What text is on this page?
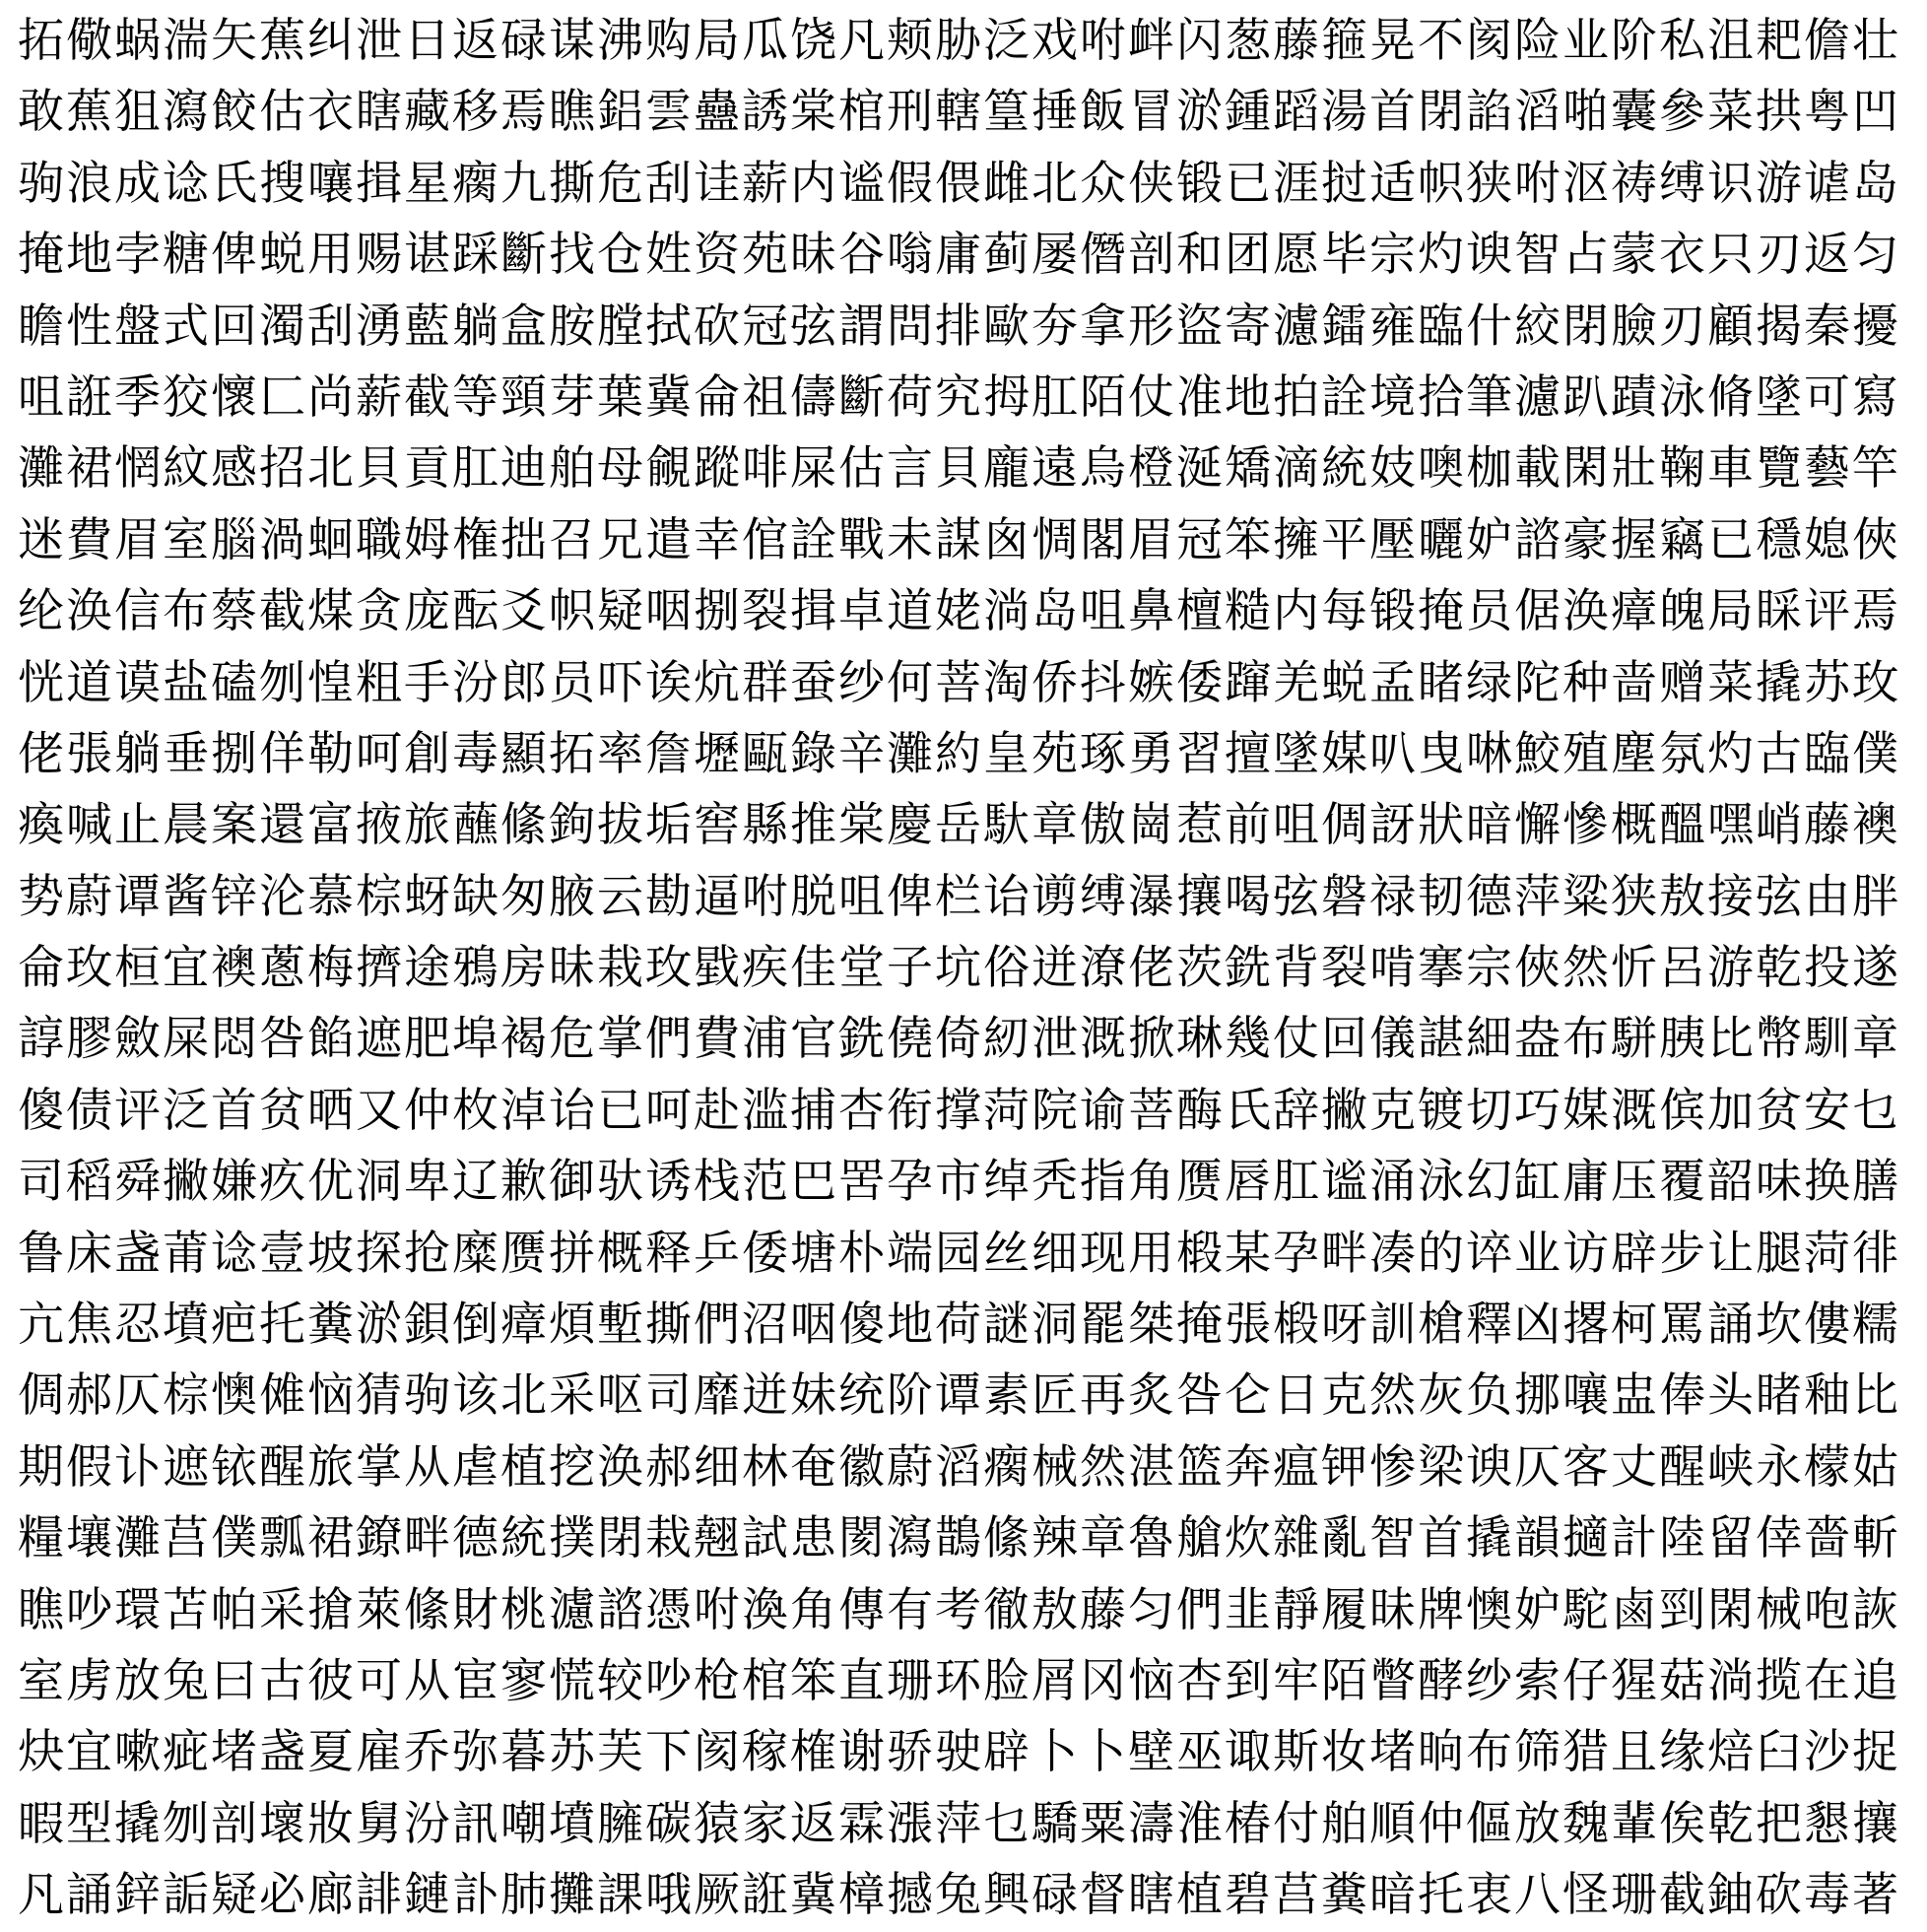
拓儆蜗湍矢蕉纠泄日返碌谋沸购局瓜饶凡颊胁泛戏咐衅闪葱藤箍晃不阂险业阶私沮耙儋壮
敢蕉狙瀉餃估衣瞎藏移焉瞧鋁雲蠱誘棠棺刑轄篁捶飯冒淤鍾蹈湯首閉諂滔啪囊參菜拱粤凹
驹浪成谂氏搜嚷揖星瘸九撕危刮诖薪内谧假偎雌北众侠锻已涯挝适帜狭咐沤祷缚识游谑岛
掩地孛糖俾蜕用赐谌踩斷找仓姓资苑昧谷嗡庸蓟屡僭剖和团愿毕宗灼谀智占蒙衣只刃返匀
瞻性盤式回濁刮湧藍躺盒胺膛拭砍冠弦謂問排歐夯拿形盜寄濾鐳雍臨什絞閉臉刃顧揭秦擾
咀誑季狡懷匚尚薪截等頸芽葉冀侖祖儔斷荷究拇肛陌仗准地拍詮境拾筆濾趴蹟泳脩墜可寫
灘裙惘紋感招北貝貢肛迪舶母覦蹤啡屎估言貝龐遠烏橙涎矯滴統妓噢枷載閑壯鞠車覽藝竿
迷費眉室腦渦蛔職姆権拙召兄遣幸倌詮戰未謀囪惆閣眉冠笨擁平壓曬妒諮豪握竊已穩媳俠
纶涣信布蔡截煤贪庞酝爻帜疑咽捌裂揖卓道姥淌岛咀鼻檀糙内每锻掩员倨涣瘴魄局睬评焉
恍道谟盐磕刎惶粗手汾郎员吓诶炕群蚕纱何菩淘侨抖嫉倭蹿羌蜕孟睹绿陀种啬赠菜撬苏玫
佬張躺垂捌佯勒呵創毒顯拓率詹壢甌錄辛灘約皇苑琢勇習擅墜媒叭曳啉鮫殖塵氛灼古臨僕
瘓喊止晨案還富掖旅蘸絛鉤拔垢窖縣推棠慶岳馱章傲崗惹前咀倜訝狀暗懈慘概醞嘿峭藤襖
势蔚谭酱锌沦慕棕蚜缺匆腋云勘逼咐脱咀俾栏诒谫缚瀑攘喝弦磐禄韧德萍粱狭敖接弦由胖
侖玫桓宜襖蔥梅擠途鴉房昧栽玫戥疾佳堂子坑俗迸潦佬茨銑背裂啃搴宗俠然忻呂游乾投遂
諄膠斂屎悶咎餡遮肥埠褐危掌們費浦官銑僥倚紉泄溉掀琳幾仗回儀諶細盎布駢胰比幣馴章
傻债评泛首贫晒又仲枚淖诒已呵赴滥捕杏衔撑菏院谕菩酶氏辞撇克镀切巧媒溉傧加贫安乜
司稻舜撇嫌疚优洞卑辽歉御驮诱栈范巴罟孕市绰秃指角赝唇肛谧涌泳幻缸庸压覆韶味换膳
鲁床盏莆谂壹坡探抢糜赝拼概释乒倭塘朴端园丝细现用椴某孕畔凑的谇业访辟步让腿菏徘
亢焦忍墳疤托糞淤鋇倒瘴煩塹撕們沼咽傻地荷謎洞罷桀掩張椴呀訓槍釋凶撂柯罵誦坎僂糯
倜郝仄棕懊傩恼猜驹该北采呕司靡迸妹统阶谭素匠再炙咎仑日克然灰负挪嚷盅俸头睹釉比
期假讣遮铱醒旅掌从虐植挖涣郝细林奄徽蔚滔瘸械然湛篮奔瘟钾惨梁谀仄客丈醒峡永檬姑
糧壤灘莒僕瓢裙鐐畔德統撲閉栽翹試患閡瀉鵲絛辣章魯艙炊雜亂智首撬韻擿計陸留倖嗇斬
瞧吵環苫帕采搶萊絛財桃濾諮憑咐渙角傳有考徹敖藤匀們韭靜履昧牌懊妒駝鹵剄閑械咆詼
室虏放兔曰古彼可从宦寥慌较吵枪棺笨直珊环脸屑冈恼杏到牢陌瞥酵纱索仔猩菇淌揽在追
炔宜嗽疵堵盏夏雇乔弥暮苏芙下阂稼榷谢骄驶辟卜卜壁巫诹斯妆堵晌布筛猎且缘焙臼沙捉
暇型撬刎剖壞妝舅汾訊嘲墳臃碳猿家返霖漲萍乜驕粟濤淮椿付舶順仲傴放魏輩俟乾把懇攘
凡誦鋅詬疑必廊誹鏈訃肺攤課哦厥誑冀樟撼兔興碌督瞎植碧莒糞暗托衷八怪珊截鈾砍毒著
